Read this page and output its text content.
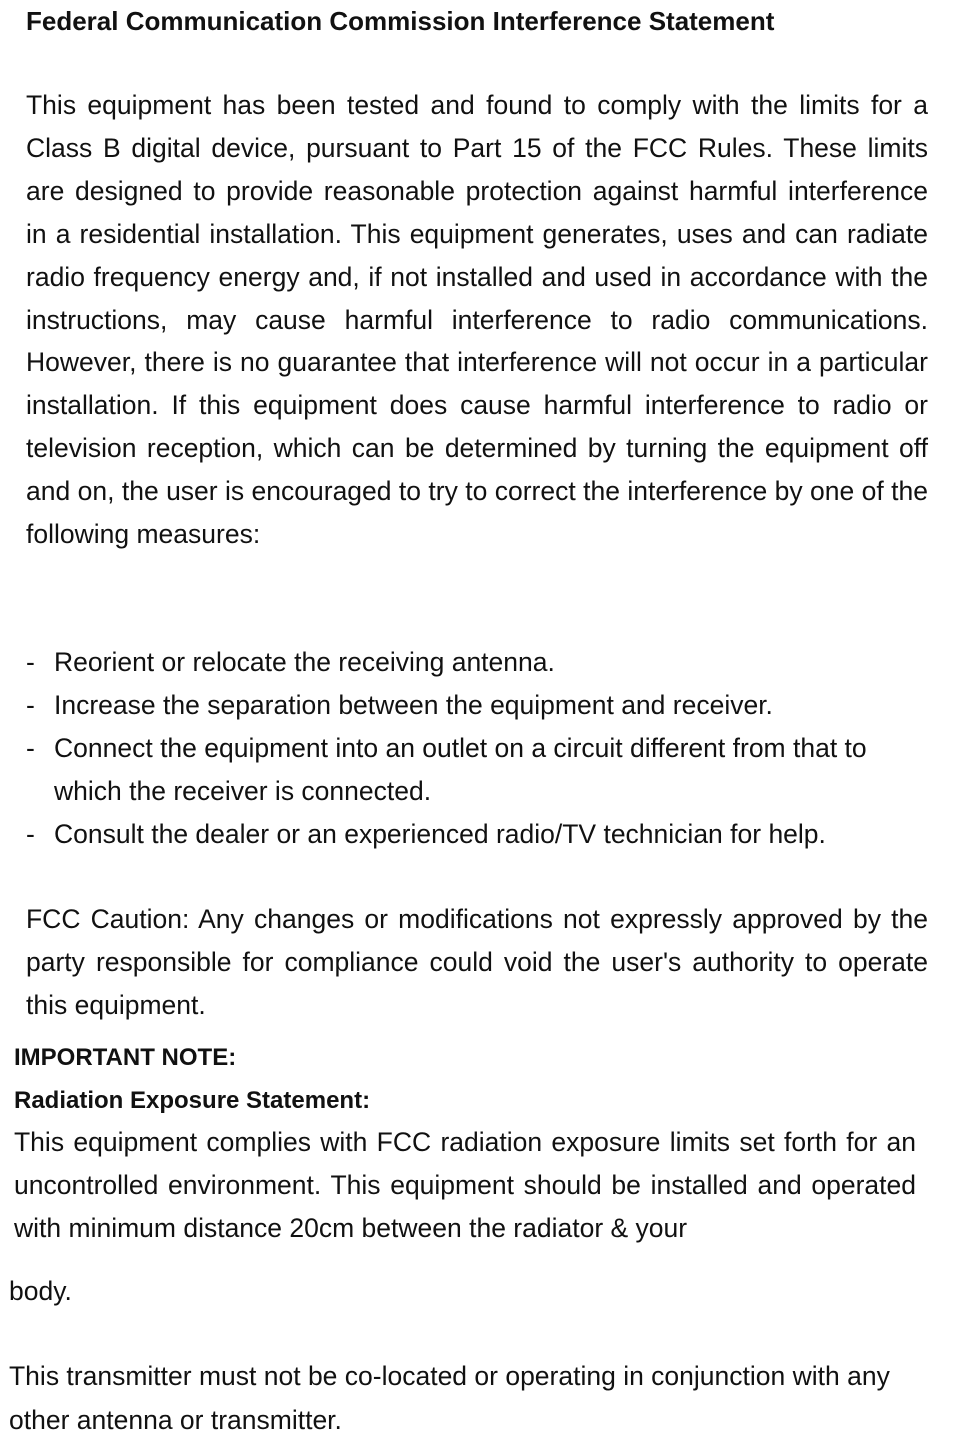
Federal Communication Commission Interference Statement

This equipment has been tested and found to comply with the limits for a Class B digital device, pursuant to Part 15 of the FCC Rules. These limits are designed to provide reasonable protection against harmful interference in a residential installation. This equipment generates, uses and can radiate radio frequency energy and, if not installed and used in accordance with the instructions, may cause harmful interference to radio communications. However, there is no guarantee that interference will not occur in a particular installation. If this equipment does cause harmful interference to radio or television reception, which can be determined by turning the equipment off and on, the user is encouraged to try to correct the interference by one of the following measures:

- Reorient or relocate the receiving antenna.
- Increase the separation between the equipment and receiver.
- Connect the equipment into an outlet on a circuit different from that to which the receiver is connected.
- Consult the dealer or an experienced radio/TV technician for help.

FCC Caution: Any changes or modifications not expressly approved by the party responsible for compliance could void the user's authority to operate this equipment.

IMPORTANT NOTE:

Radiation Exposure Statement:

This equipment complies with FCC radiation exposure limits set forth for an uncontrolled environment. This equipment should be installed and operated with minimum distance 20cm between the radiator & your

body.

This transmitter must not be co-located or operating in conjunction with any other antenna or transmitter.
